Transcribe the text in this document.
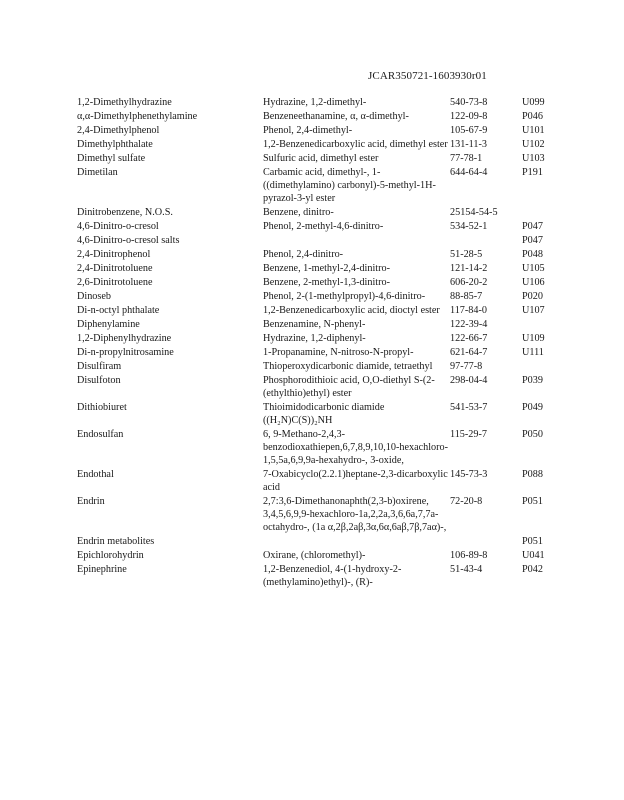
JCAR350721-1603930r01
1,2-Dimethylhydrazine	Hydrazine, 1,2-dimethyl-	540-73-8	U099
α,α-Dimethylphenethylamine	Benzeneethanamine, α, α-dimethyl-	122-09-8	P046
2,4-Dimethylphenol	Phenol, 2,4-dimethyl-	105-67-9	U101
Dimethylphthalate	1,2-Benzenedicarboxylic acid, dimethyl ester	131-11-3	U102
Dimethyl sulfate	Sulfuric acid, dimethyl ester	77-78-1	U103
Dimetilan	Carbamic acid, dimethyl-, 1-((dimethylamino) carbonyl)-5-methyl-1H-pyrazol-3-yl ester	644-64-4	P191
Dinitrobenzene, N.O.S.	Benzene, dinitro-	25154-54-5	
4,6-Dinitro-o-cresol	Phenol, 2-methyl-4,6-dinitro-	534-52-1	P047
4,6-Dinitro-o-cresol salts			P047
2,4-Dinitrophenol	Phenol, 2,4-dinitro-	51-28-5	P048
2,4-Dinitrotoluene	Benzene, 1-methyl-2,4-dinitro-	121-14-2	U105
2,6-Dinitrotoluene	Benzene, 2-methyl-1,3-dinitro-	606-20-2	U106
Dinoseb	Phenol, 2-(1-methylpropyl)-4,6-dinitro-	88-85-7	P020
Di-n-octyl phthalate	1,2-Benzenedicarboxylic acid, dioctyl ester	117-84-0	U107
Diphenylamine	Benzenamine, N-phenyl-	122-39-4	
1,2-Diphenylhydrazine	Hydrazine, 1,2-diphenyl-	122-66-7	U109
Di-n-propylnitrosamine	1-Propanamine, N-nitroso-N-propyl-	621-64-7	U111
Disulfiram	Thioperoxydicarbonic diamide, tetraethyl	97-77-8	
Disulfoton	Phosphorodithioic acid, O,O-diethyl S-(2-(ethylthio)ethyl) ester	298-04-4	P039
Dithiobiuret	Thioimidodicarbonic diamide ((H₂N)C(S))₂NH	541-53-7	P049
Endosulfan	6, 9-Methano-2,4,3-benzodioxathiepen,6,7,8,9,10,10-hexachloro-1,5,5a,6,9,9a-hexahydro-, 3-oxide,	115-29-7	P050
Endothal	7-Oxabicyclo(2.2.1)heptane-2,3-dicarboxylic acid	145-73-3	P088
Endrin	2,7:3,6-Dimethanonaphth(2,3-b)oxirene, 3,4,5,6,9,9-hexachloro-1a,2,2a,3,6,6a,7,7a-octahydro-, (1a α,2β,2aβ,3α,6α,6aβ,7β,7aα)-,	72-20-8	P051
Endrin metabolites			P051
Epichlorohydrin	Oxirane, (chloromethyl)-	106-89-8	U041
Epinephrine	1,2-Benzenediol, 4-(1-hydroxy-2-(methylamino)ethyl)-, (R)-	51-43-4	P042
